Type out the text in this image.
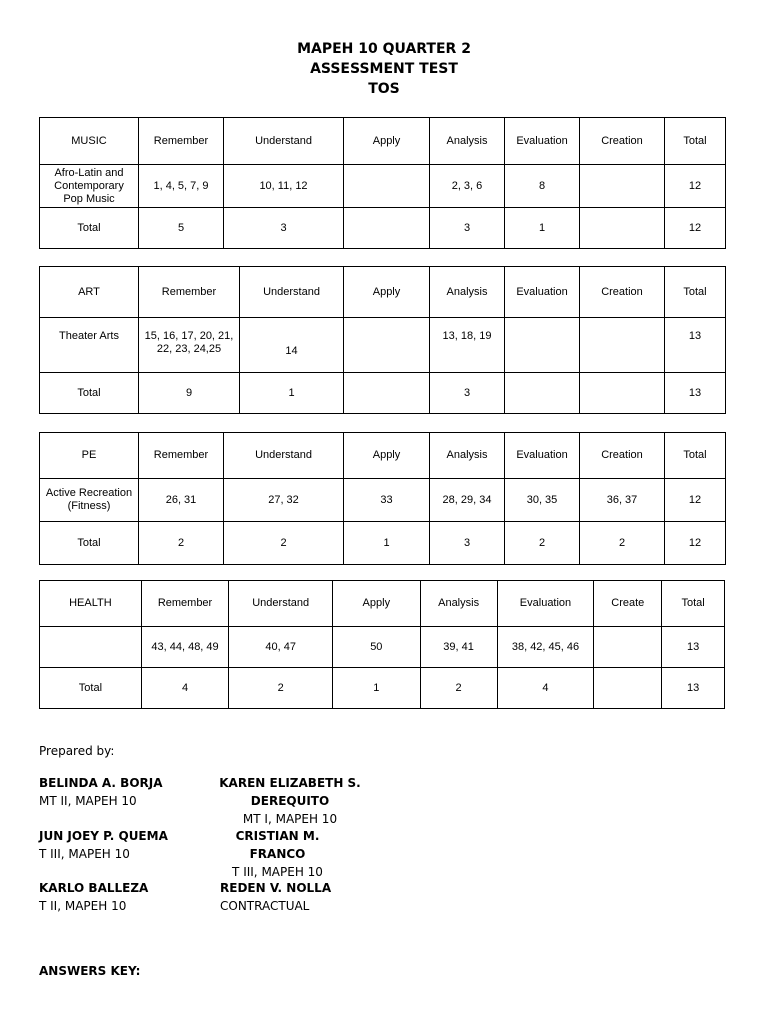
MAPEH 10 QUARTER 2
ASSESSMENT TEST
TOS
MUSIC	Remember	Understand	Apply	Analysis	Evaluation	Creation	Total
Afro-Latin and
Contemporary
Pop Music	1, 4, 5, 7, 9	10, 11, 12		2, 3, 6	8		12
Total	5	3		3	1		12
ART	Remember	Understand	Apply	Analysis	Evaluation	Creation	Total
Theater Arts	15, 16, 17, 20, 21,
22, 23, 24,25	14		13, 18, 19			13
Total	9	1		3			13
PE	Remember	Understand	Apply	Analysis	Evaluation	Creation	Total
Active Recreation
(Fitness)	26, 31	27, 32	33	28, 29, 34	30, 35	36, 37	12
Total	2	2	1	3	2	2	12
HEALTH	Remember	Understand	Apply	Analysis	Evaluation	Create	Total
	43, 44, 48, 49	40, 47	50	39, 41	38, 42, 45, 46		13
Total	4	2	1	2	4		13
Prepared by:
BELINDA A. BORJA
MT II, MAPEH 10
KAREN ELIZABETH S. DEREQUITO
MT I, MAPEH 10
JUN JOEY P. QUEMA
T III, MAPEH 10
CRISTIAN M. FRANCO
T III, MAPEH 10
KARLO BALLEZA
T II, MAPEH 10
REDEN V. NOLLA
CONTRACTUAL
ANSWERS KEY:
